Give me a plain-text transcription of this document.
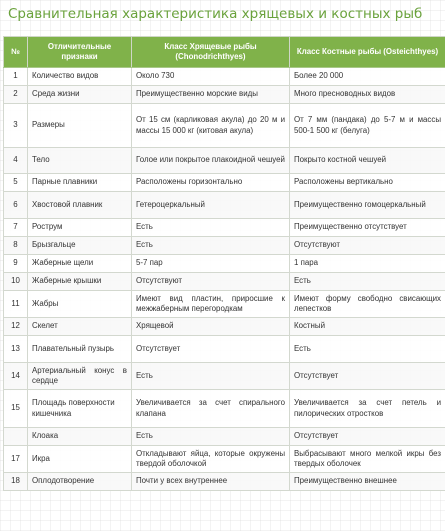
Сравнительная характеристика хрящевых и костных рыб
№	Отличительные признаки	Класс Хрящевые рыбы (Chonodrichthyes)	Класс Костные рыбы (Osteichthyes)
1	Количество видов	Около 730	Более 20 000
2	Среда жизни	Преимущественно морские виды	Много пресноводных видов
3	Размеры	От 15 см (карликовая акула) до 20 м и массы 15 000 кг (китовая акула)	От 7 мм (пандака) до 5-7 м и массы 500-1 500 кг (белуга)
4	Тело	Голое или покрытое плакоидной чешуей	Покрыто костной чешуей
5	Парные плавники	Расположены горизонтально	Расположены вертикально
6	Хвостовой плавник	Гетероцеркальный	Преимущественно гомоцеркальный
7	Рострум	Есть	Преимущественно отсутствует
8	Брызгальце	Есть	Отсутствуют
9	Жаберные щели	5-7 пар	1 пара
10	Жаберные крышки	Отсутствуют	Есть
11	Жабры	Имеют вид пластин, приросшие к межжаберным перегородкам	Имеют форму свободно свисающих лепестков
12	Скелет	Хрящевой	Костный
13	Плавательный пузырь	Отсутствует	Есть
14	Артериальный конус в сердце	Есть	Отсутствует
15	Площадь поверхности кишечника	Увеличивается за счет спирального клапана	Увеличивается за счет петель и пилорических отростков
	Клоака	Есть	Отсутствует
17	Икра	Откладывают яйца, которые окружены твердой оболочкой	Выбрасывают много мелкой икры без твердых оболочек
18	Оплодотворение	Почти у всех внутреннее	Преимущественно внешнее
